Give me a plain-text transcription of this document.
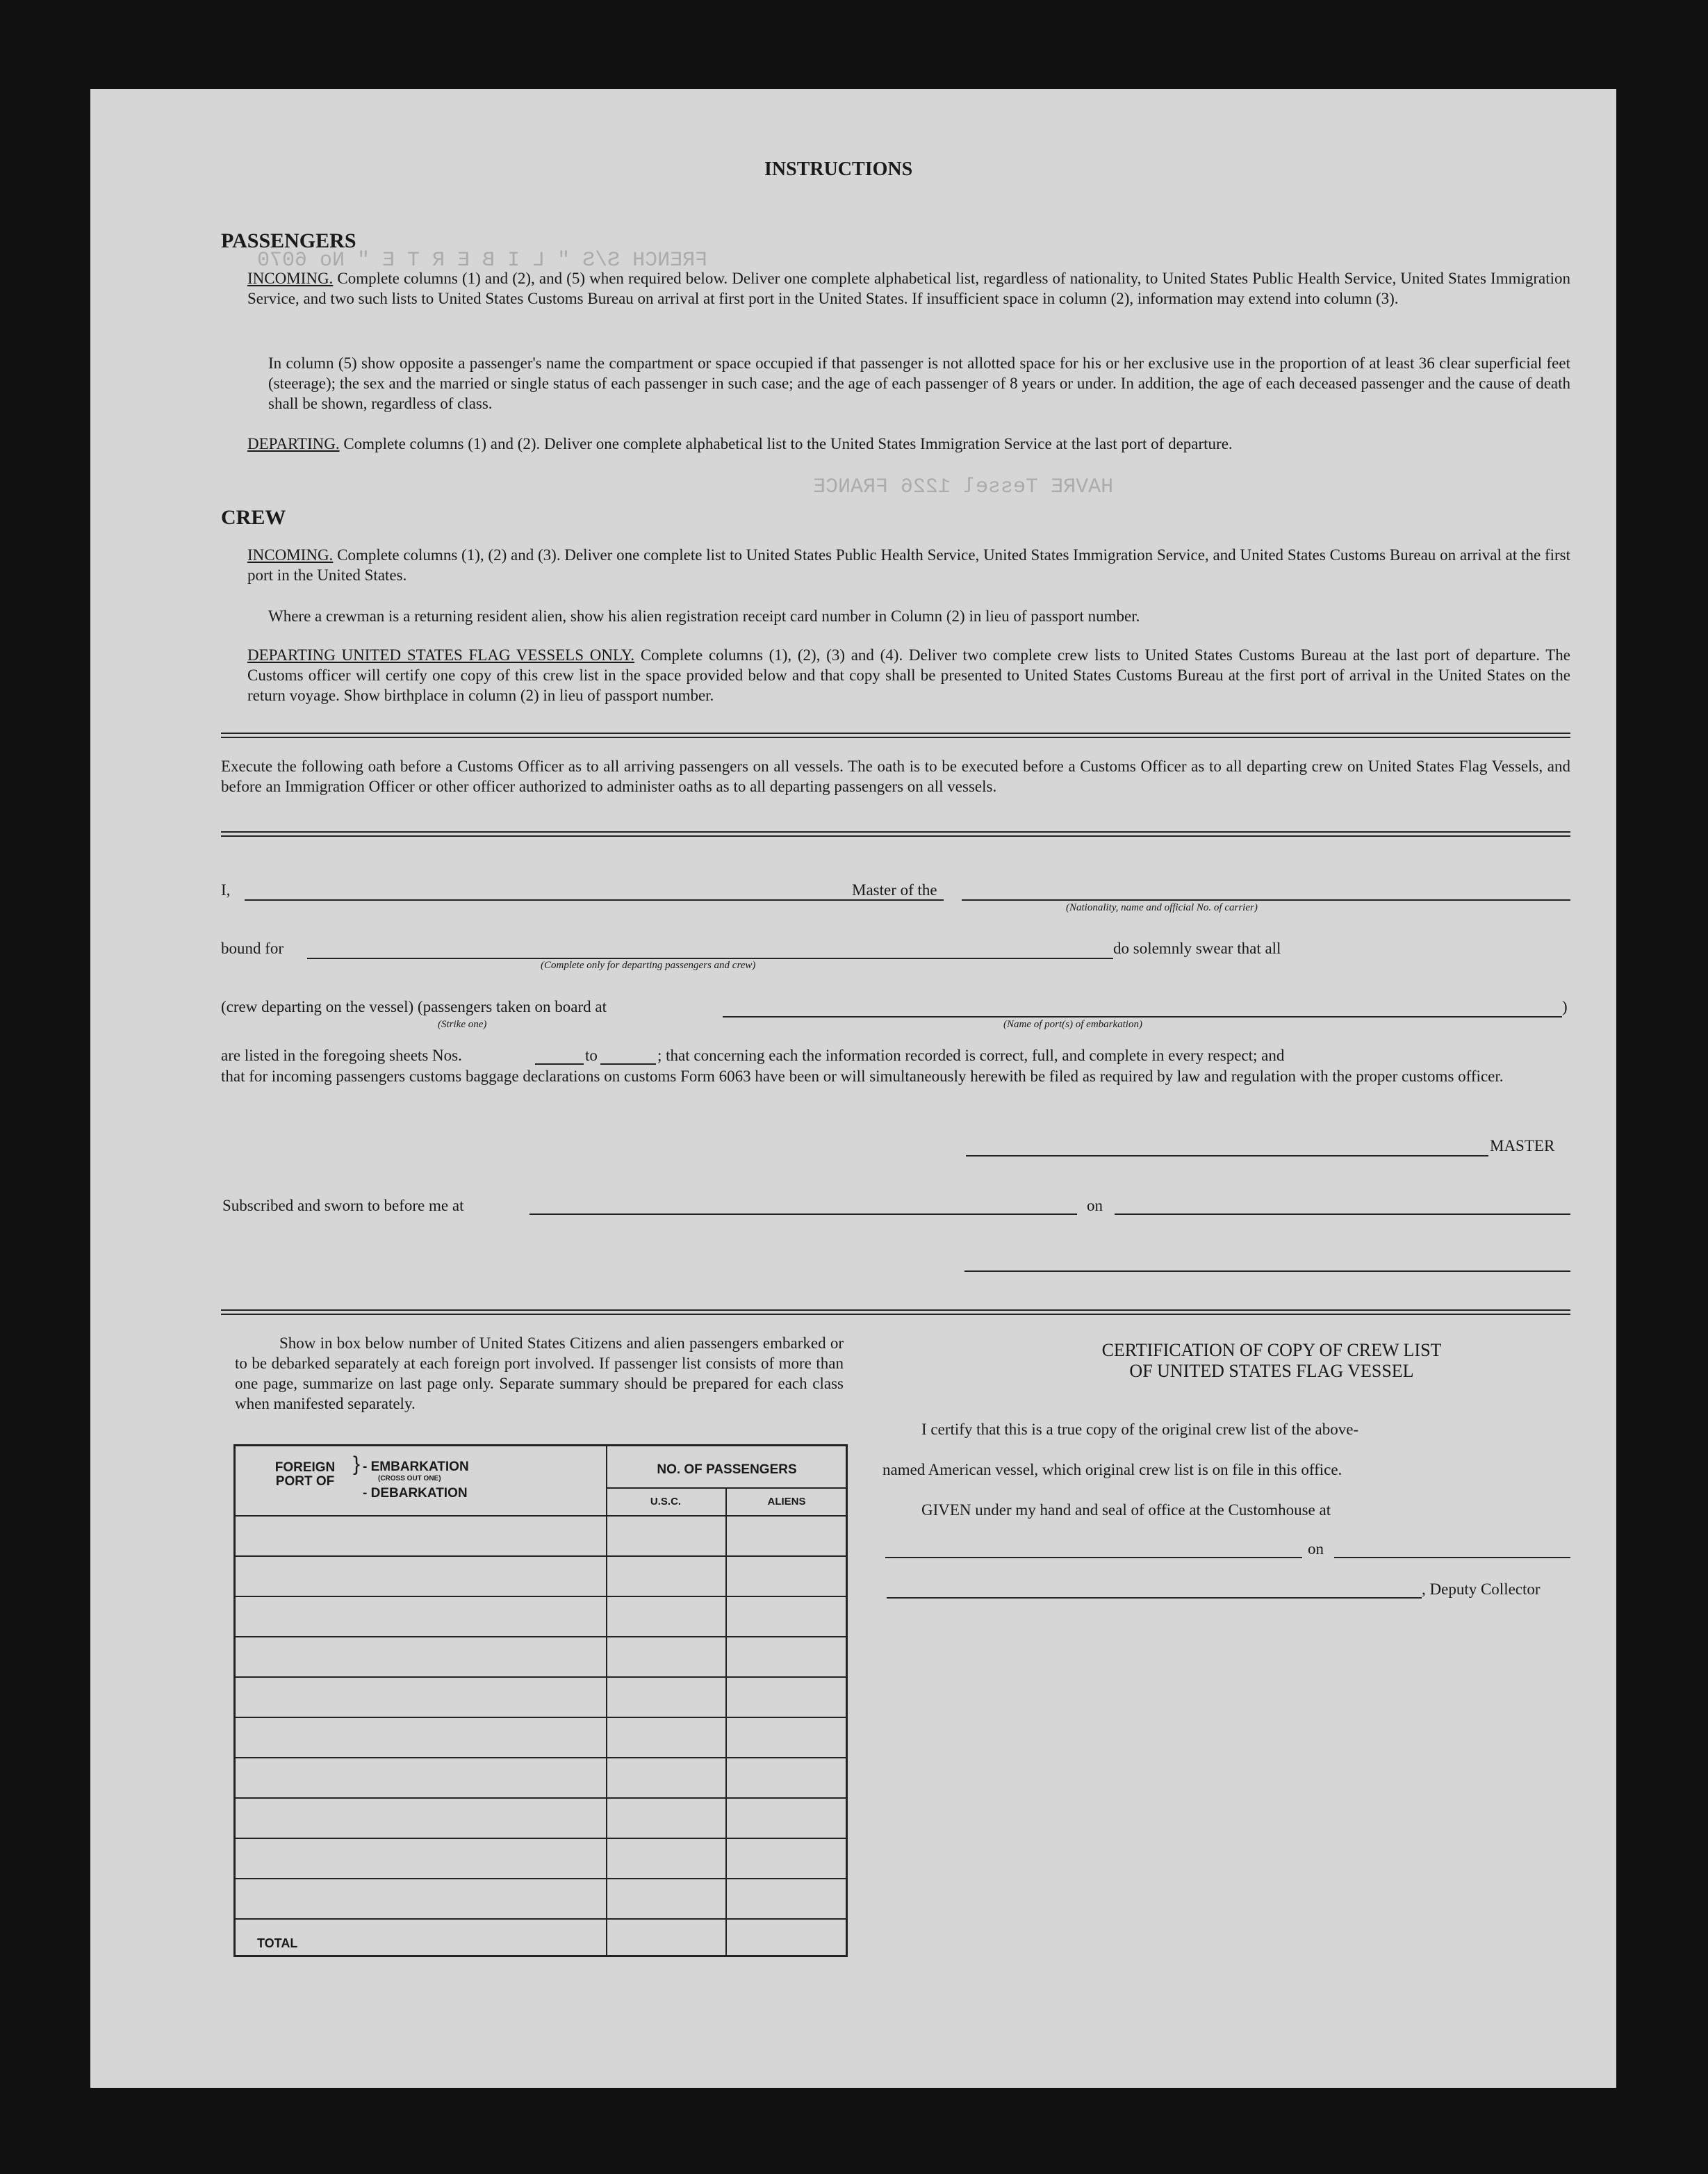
HAVRE Tessel 1226 FRANCE
FRENCH S/S " L I B E R T E " No 6070
INSTRUCTIONS
PASSENGERS
INCOMING. Complete columns (1) and (2), and (5) when required below. Deliver one complete alphabetical list, regardless of nationality, to United States Public Health Service, United States Immigration Service, and two such lists to United States Customs Bureau on arrival at first port in the United States. If insufficient space in column (2), information may extend into column (3).
In column (5) show opposite a passenger's name the compartment or space occupied if that passenger is not allotted space for his or her exclusive use in the proportion of at least 36 clear superficial feet (steerage); the sex and the married or single status of each passenger in such case; and the age of each passenger of 8 years or under. In addition, the age of each deceased passenger and the cause of death shall be shown, regardless of class.
DEPARTING. Complete columns (1) and (2). Deliver one complete alphabetical list to the United States Immigration Service at the last port of departure.
CREW
INCOMING. Complete columns (1), (2) and (3). Deliver one complete list to United States Public Health Service, United States Immigration Service, and United States Customs Bureau on arrival at the first port in the United States.
Where a crewman is a returning resident alien, show his alien registration receipt card number in Column (2) in lieu of passport number.
DEPARTING UNITED STATES FLAG VESSELS ONLY. Complete columns (1), (2), (3) and (4). Deliver two complete crew lists to United States Customs Bureau at the last port of departure. The Customs officer will certify one copy of this crew list in the space provided below and that copy shall be presented to United States Customs Bureau at the first port of arrival in the United States on the return voyage. Show birthplace in column (2) in lieu of passport number.
Execute the following oath before a Customs Officer as to all arriving passengers on all vessels. The oath is to be executed before a Customs Officer as to all departing crew on United States Flag Vessels, and before an Immigration Officer or other officer authorized to administer oaths as to all departing passengers on all vessels.
I,	Master of the
(Nationality, name and official No. of carrier)
bound for
(Complete only for departing passengers and crew)
do solemnly swear that all
(crew departing on the vessel) (passengers taken on board at	)
(Strike one)	(Name of port(s) of embarkation)
are listed in the foregoing sheets Nos.	to	; that concerning each the information recorded is correct, full, and complete in every respect; and
that for incoming passengers customs baggage declarations on customs Form 6063 have been or will simultaneously herewith be filed as required by law and regulation with the proper customs officer.
MASTER
Subscribed and sworn to before me at	on
Show in box below number of United States Citizens and alien passengers embarked or to be debarked separately at each foreign port involved. If passenger list consists of more than one page, summarize on last page only. Separate summary should be prepared for each class when manifested separately.
FOREIGN PORT OF
} - EMBARKATION
(CROSS OUT ONE)
- DEBARKATION
NO. OF PASSENGERS
U.S.C.	ALIENS
TOTAL
CERTIFICATION OF COPY OF CREW LIST
OF UNITED STATES FLAG VESSEL
I certify that this is a true copy of the original crew list of the above-
named American vessel, which original crew list is on file in this office.
GIVEN under my hand and seal of office at the Customhouse at
on
, Deputy Collector
